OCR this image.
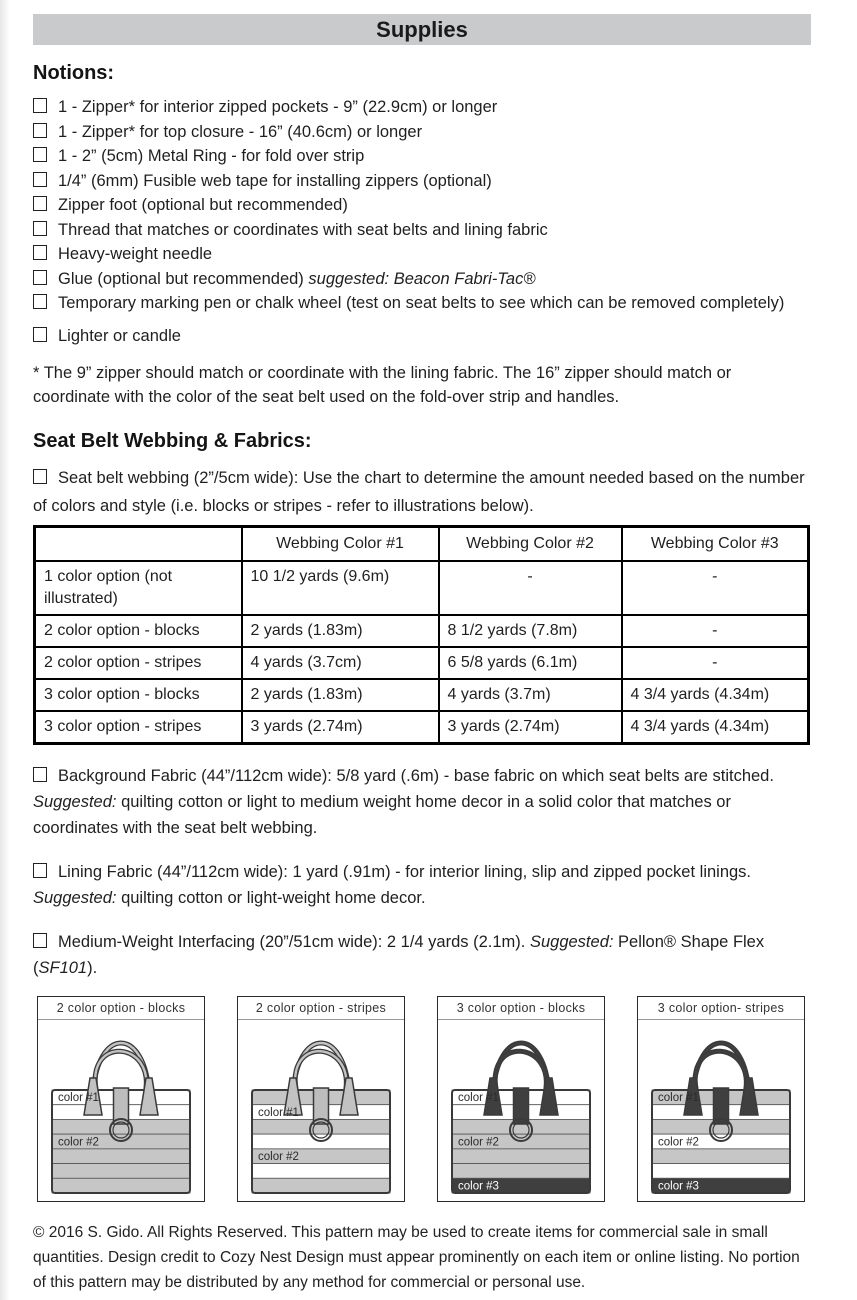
Supplies
Notions:
1 - Zipper* for interior zipped pockets - 9” (22.9cm) or longer
1 - Zipper* for top closure - 16” (40.6cm) or longer
1 - 2” (5cm) Metal Ring - for fold over strip
1/4” (6mm) Fusible web tape for installing zippers (optional)
Zipper foot (optional but recommended)
Thread that matches or coordinates with seat belts and lining fabric
Heavy-weight needle
Glue (optional but recommended) suggested: Beacon Fabri-Tac®
Temporary marking pen or chalk wheel (test on seat belts to see which can be removed completely)
Lighter or candle
* The 9” zipper should match or coordinate with the lining fabric. The 16” zipper should match or coordinate with the color of the seat belt used on the fold-over strip and handles.
Seat Belt Webbing & Fabrics:
Seat belt webbing (2”/5cm wide): Use the chart to determine the amount needed based on the number of colors and style (i.e. blocks or stripes - refer to illustrations below).
	Webbing Color #1	Webbing Color #2	Webbing Color #3
1 color option (not illustrated)	10 1/2 yards (9.6m)	-	-
2 color option - blocks	2 yards (1.83m)	8 1/2 yards (7.8m)	-
2 color option - stripes	4 yards (3.7cm)	6 5/8 yards (6.1m)	-
3 color option - blocks	2 yards (1.83m)	4 yards (3.7m)	4 3/4 yards (4.34m)
3 color option - stripes	3 yards (2.74m)	3 yards (2.74m)	4 3/4 yards (4.34m)
Background Fabric (44”/112cm wide): 5/8 yard (.6m) - base fabric on which seat belts are stitched. Suggested: quilting cotton or light to medium weight home decor in a solid color that matches or coordinates with the seat belt webbing.
Lining Fabric (44”/112cm wide): 1 yard (.91m) - for interior lining, slip and zipped pocket linings. Suggested: quilting cotton or light-weight home decor.
Medium-Weight Interfacing (20”/51cm wide): 2 1/4 yards (2.1m). Suggested: Pellon® Shape Flex (SF101).
2 color option - blocks
color #1
color #2
2 color option - stripes
color #1
color #2
3 color option - blocks
color #1
color #2
color #3
3 color option- stripes
color #1
color #2
color #3
© 2016 S. Gido. All Rights Reserved. This pattern may be used to create items for commercial sale in small quantities. Design credit to Cozy Nest Design must appear prominently on each item or online listing. No portion of this pattern may be distributed by any method for commercial or personal use.
